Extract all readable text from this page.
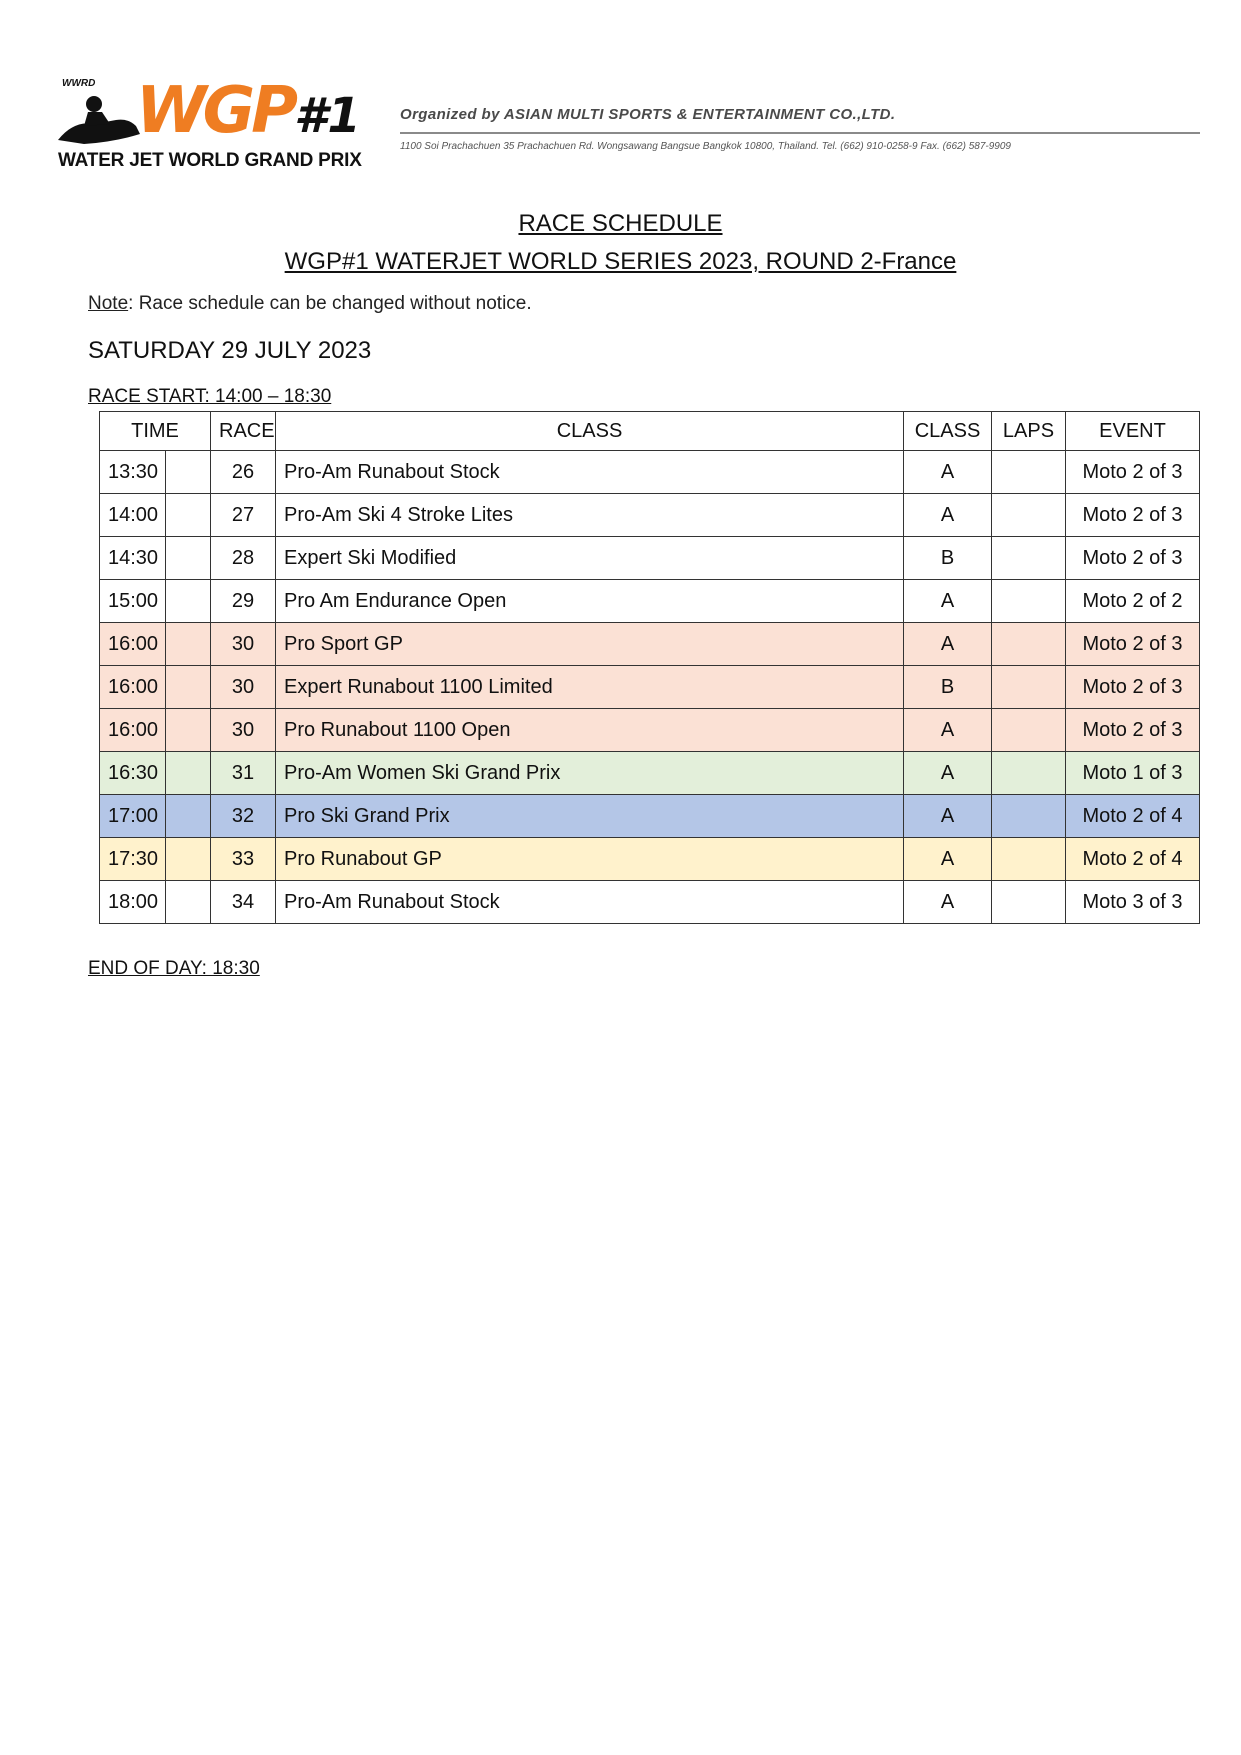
WWRD WGP#1
WATER JET WORLD GRAND PRIX
Organized by ASIAN MULTI SPORTS & ENTERTAINMENT CO.,LTD.
1100 Soi Prachachuen 35 Prachachuen Rd. Wongsawang Bangsue Bangkok 10800, Thailand. Tel. (662) 910-0258-9 Fax. (662) 587-9909
RACE SCHEDULE
WGP#1 WATERJET WORLD SERIES 2023, ROUND 2-France
Note: Race schedule can be changed without notice.
SATURDAY 29 JULY 2023
RACE START: 14:00 – 18:30
TIME		RACE	CLASS	CLASS	LAPS	EVENT
13:30		26	Pro-Am Runabout Stock	A		Moto 2 of 3
14:00		27	Pro-Am Ski 4 Stroke Lites	A		Moto 2 of 3
14:30		28	Expert Ski Modified	B		Moto 2 of 3
15:00		29	Pro Am Endurance Open	A		Moto 2 of 2
16:00		30	Pro Sport GP	A		Moto 2 of 3
16:00		30	Expert Runabout 1100 Limited	B		Moto 2 of 3
16:00		30	Pro Runabout 1100 Open	A		Moto 2 of 3
16:30		31	Pro-Am Women Ski Grand Prix	A		Moto 1 of 3
17:00		32	Pro Ski Grand Prix	A		Moto 2 of 4
17:30		33	Pro Runabout GP	A		Moto 2 of 4
18:00		34	Pro-Am Runabout Stock	A		Moto 3 of 3
END OF DAY: 18:30
